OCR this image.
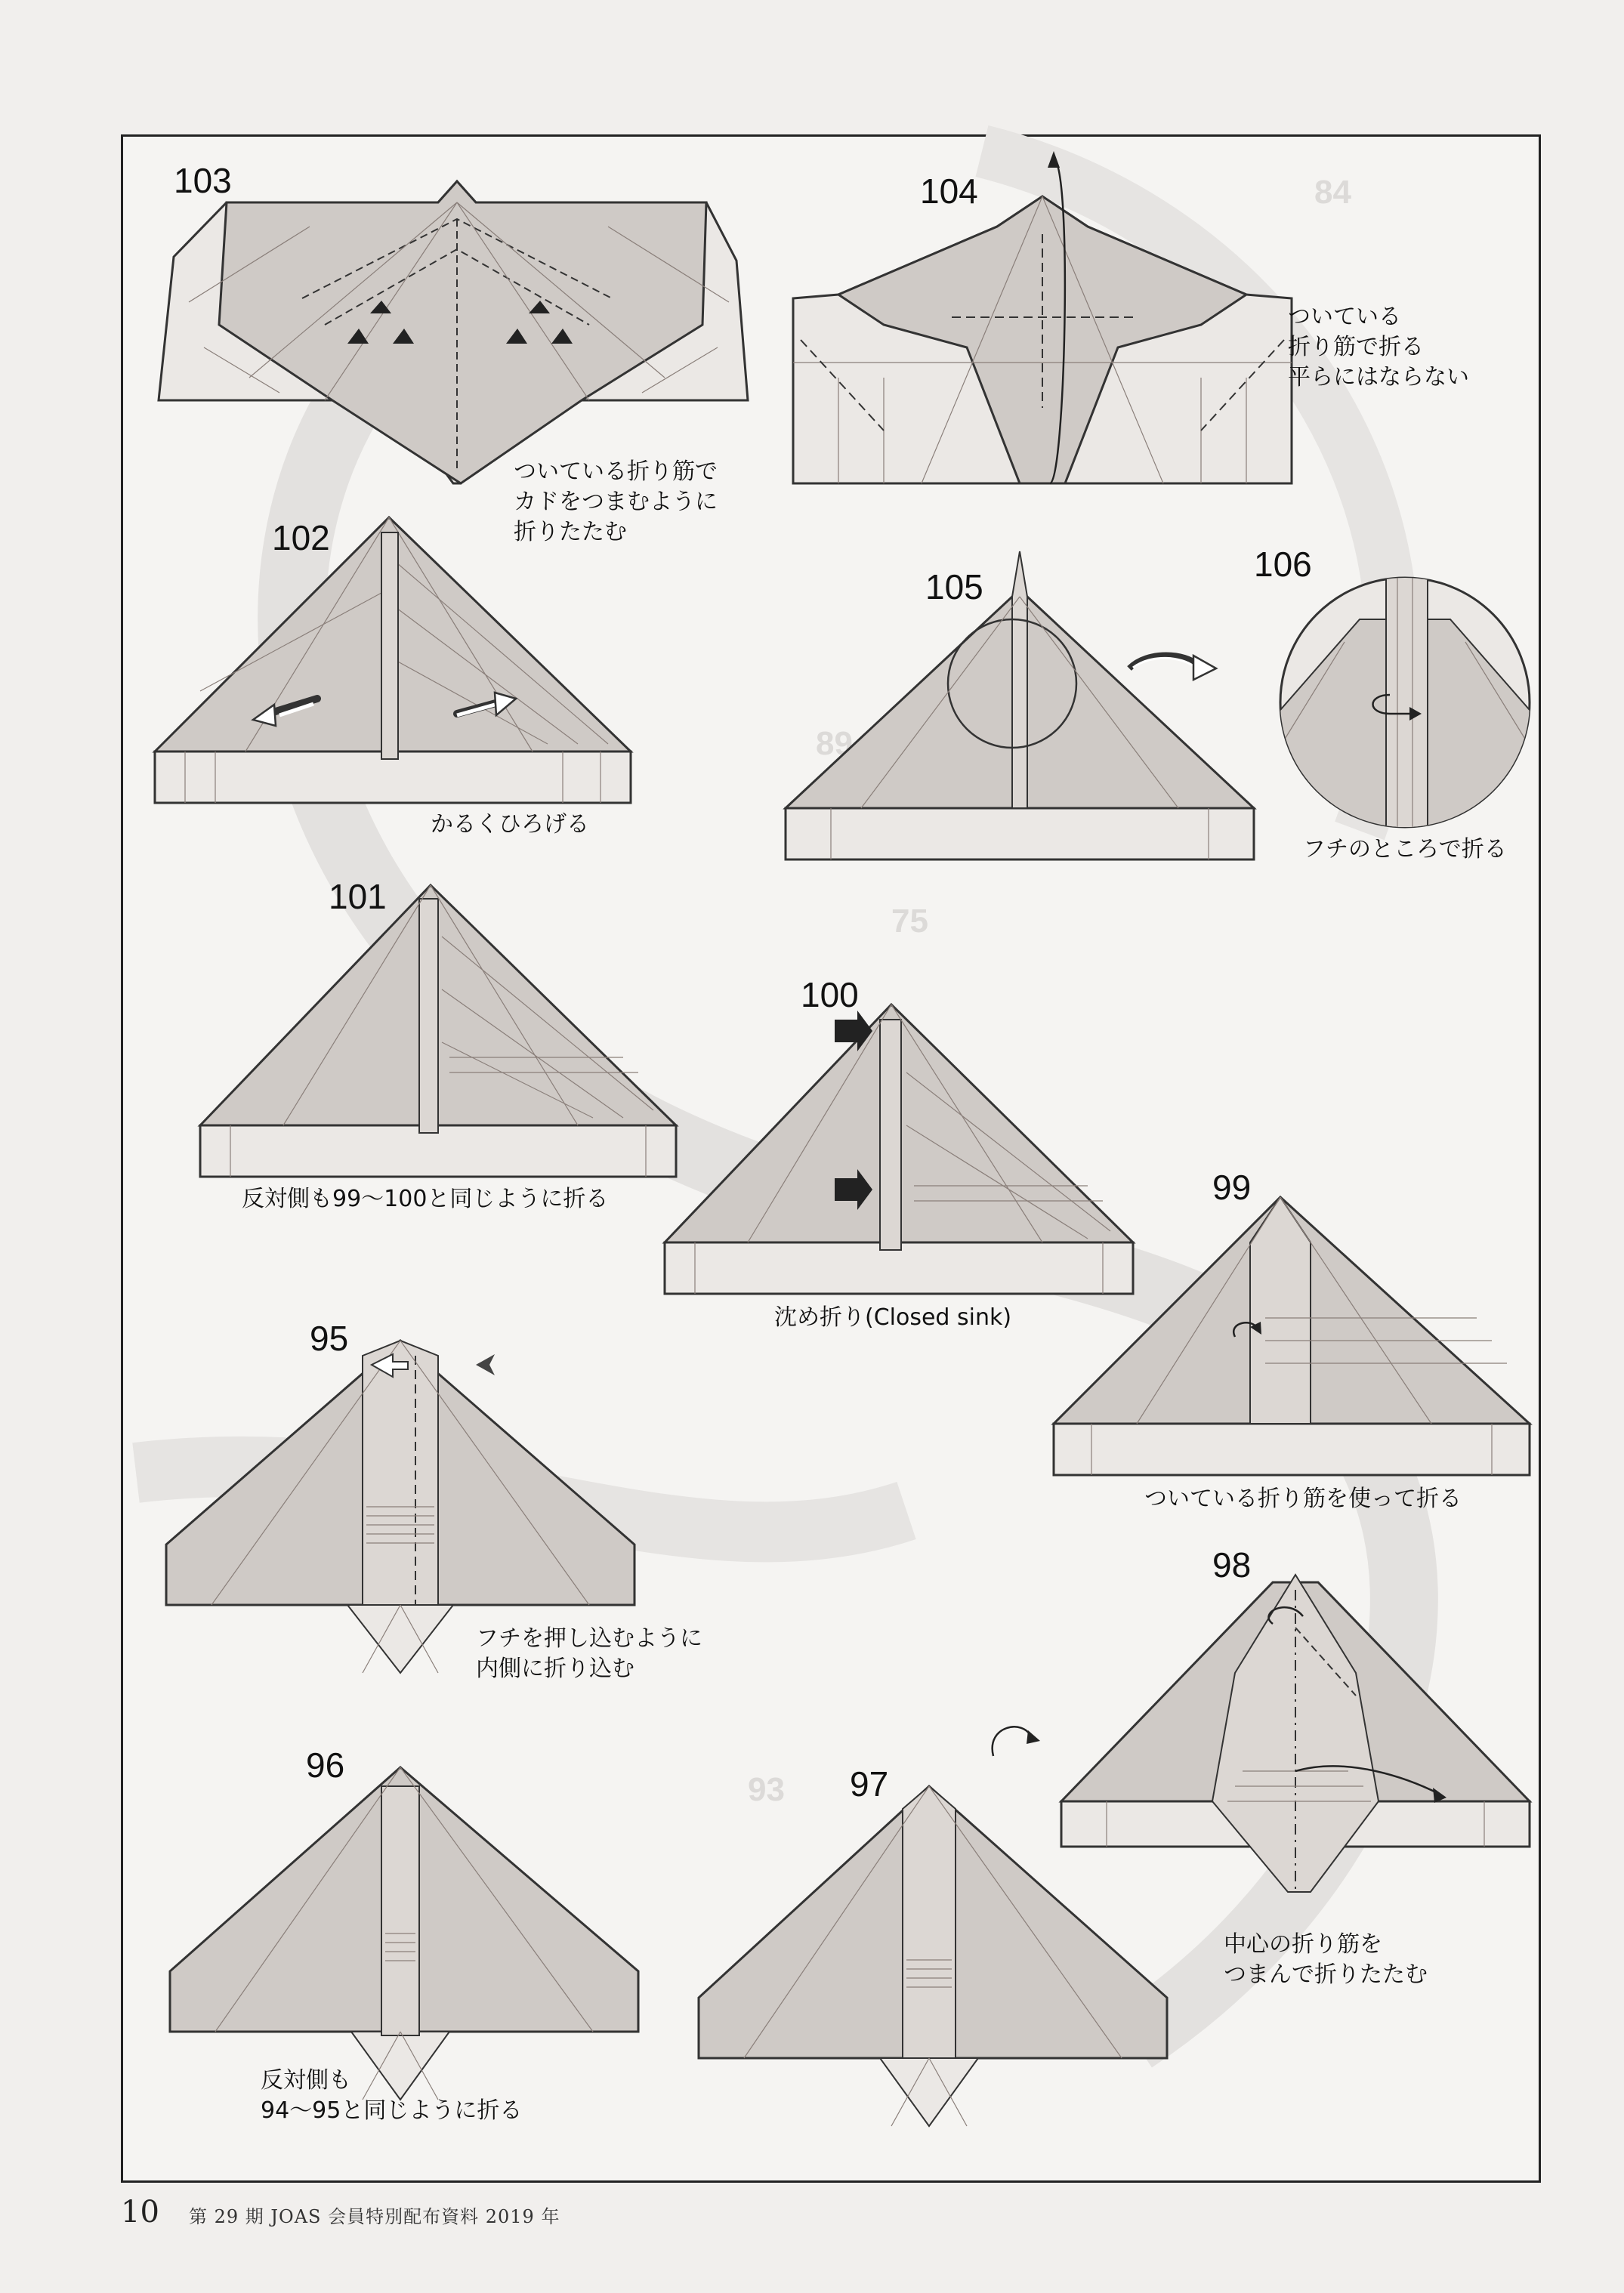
84
89
75
93
103
ついている折り筋で
カドをつまむように
折りたたむ
104
ついている
折り筋で折る
平らにはならない
102
かるくひろげる
105
106
フチのところで折る
101
反対側も99〜100と同じように折る
100
沈め折り(Closed sink)
99
ついている折り筋を使って折る
95
フチを押し込むように
内側に折り込む
98
中心の折り筋を
つまんで折りたたむ
96
反対側も
94〜95と同じように折る
97
10 第 29 期 JOAS 会員特別配布資料 2019 年
